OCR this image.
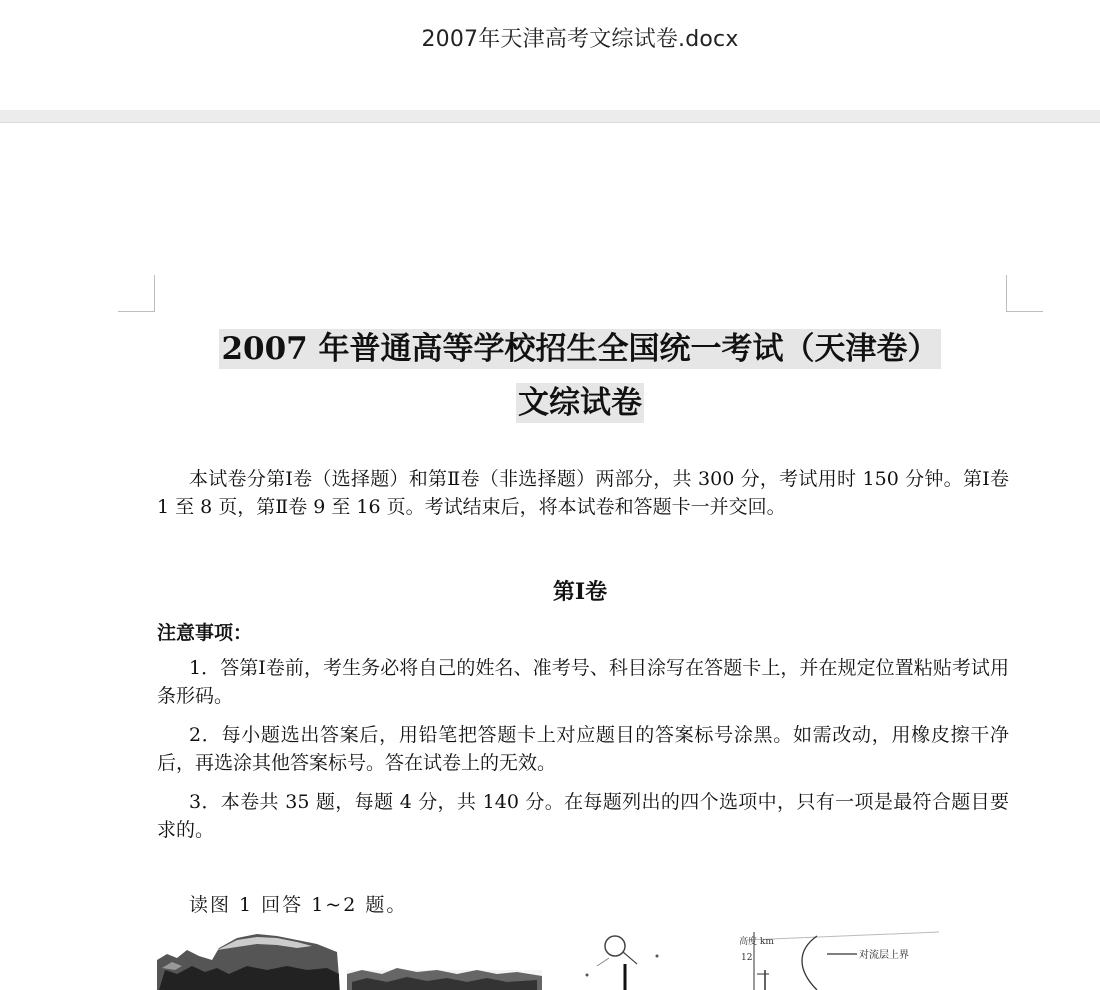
2007年天津高考文综试卷.docx
2007 年普通高等学校招生全国统一考试（天津卷）
文综试卷
本试卷分第Ⅰ卷（选择题）和第Ⅱ卷（非选择题）两部分，共 300 分，考试用时 150 分钟。第Ⅰ卷 1 至 8 页，第Ⅱ卷 9 至 16 页。考试结束后，将本试卷和答题卡一并交回。
第Ⅰ卷
注意事项：
1．答第Ⅰ卷前，考生务必将自己的姓名、准考号、科目涂写在答题卡上，并在规定位置粘贴考试用条形码。
2．每小题选出答案后，用铅笔把答题卡上对应题目的答案标号涂黑。如需改动，用橡皮擦干净后，再选涂其他答案标号。答在试卷上的无效。
3．本卷共 35 题，每题 4 分，共 140 分。在每题列出的四个选项中，只有一项是最符合题目要求的。
读图 1 回答 1~2 题。
高度 km
12	对流层上界
